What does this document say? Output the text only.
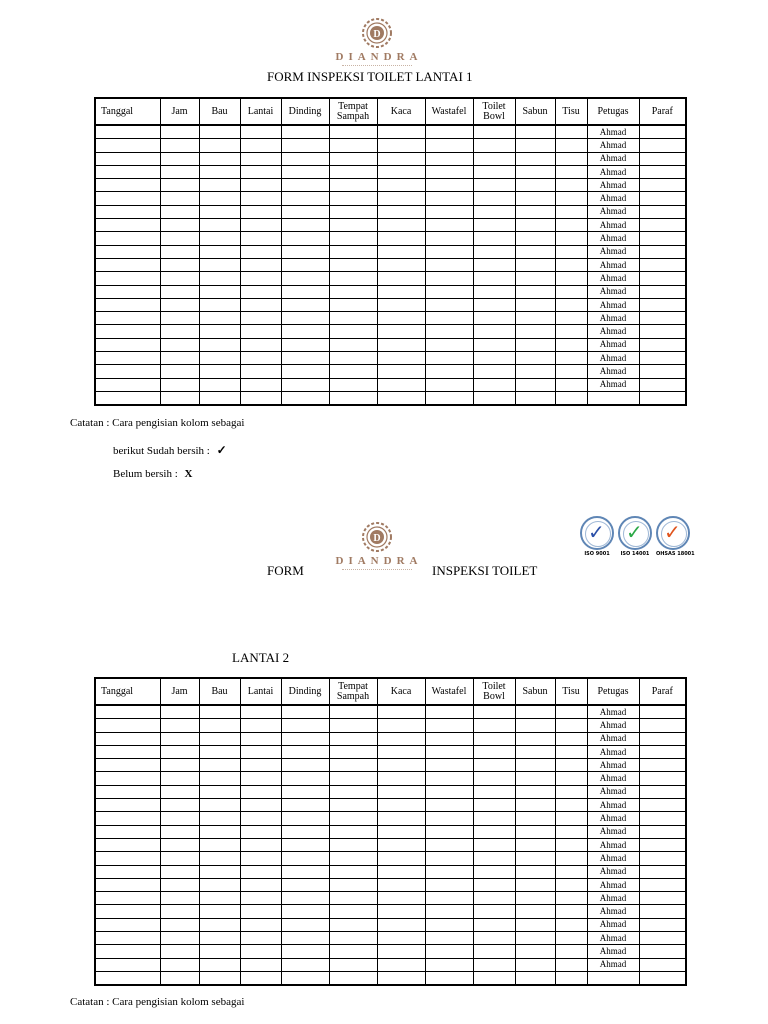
D
DIANDRA
FORM INSPEKSI TOILET LANTAI 1
Tanggal	Jam	Bau	Lantai	Dinding	Tempat Sampah	Kaca	Wastafel	Toilet Bowl	Sabun	Tisu	Petugas	Paraf
											Ahmad	
											Ahmad	
											Ahmad	
											Ahmad	
											Ahmad	
											Ahmad	
											Ahmad	
											Ahmad	
											Ahmad	
											Ahmad	
											Ahmad	
											Ahmad	
											Ahmad	
											Ahmad	
											Ahmad	
											Ahmad	
											Ahmad	
											Ahmad	
											Ahmad	
											Ahmad	

Catatan : Cara pengisian kolom sebagai
berikut Sudah bersih : ✓
Belum bersih : X
D
DIANDRA
✓
ISO 9001
✓
ISO 14001
✓
OHSAS 18001
FORM	INSPEKSI TOILET
LANTAI 2
Tanggal	Jam	Bau	Lantai	Dinding	Tempat Sampah	Kaca	Wastafel	Toilet Bowl	Sabun	Tisu	Petugas	Paraf
											Ahmad	
											Ahmad	
											Ahmad	
											Ahmad	
											Ahmad	
											Ahmad	
											Ahmad	
											Ahmad	
											Ahmad	
											Ahmad	
											Ahmad	
											Ahmad	
											Ahmad	
											Ahmad	
											Ahmad	
											Ahmad	
											Ahmad	
											Ahmad	
											Ahmad	
											Ahmad	

Catatan : Cara pengisian kolom sebagai
